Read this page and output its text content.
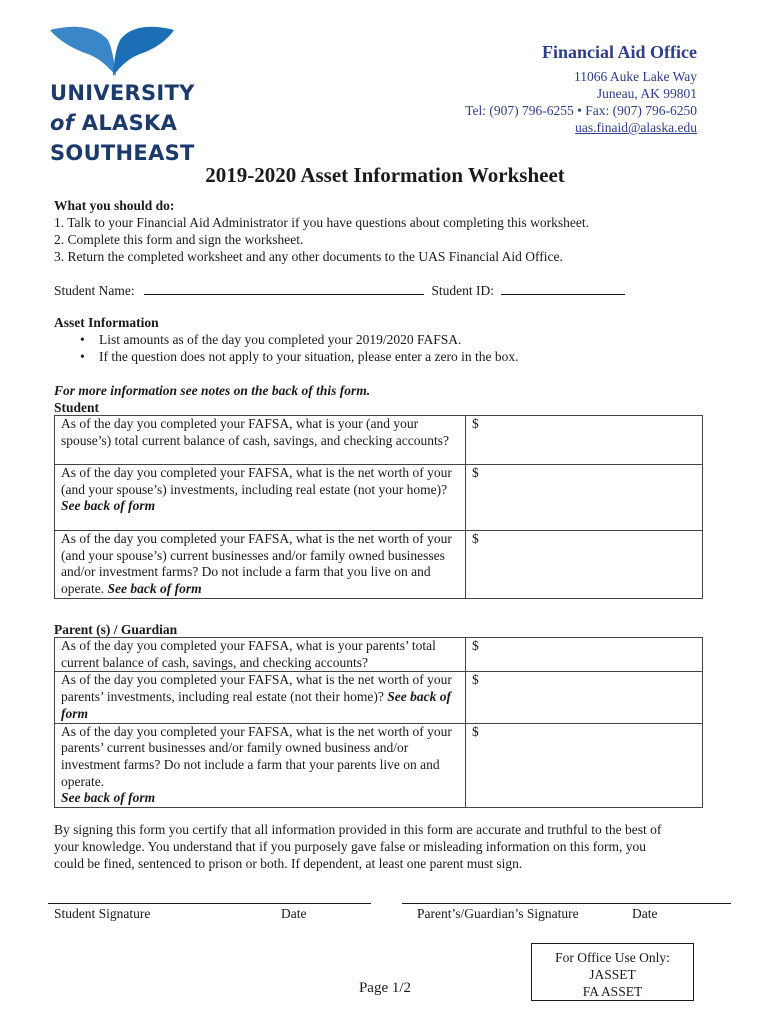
UNIVERSITY
of ALASKA
SOUTHEAST
Financial Aid Office
11066 Auke Lake Way
Juneau, AK 99801
Tel: (907) 796-6255 • Fax: (907) 796-6250
uas.finaid@alaska.edu
2019-2020 Asset Information Worksheet
What you should do:
1. Talk to your Financial Aid Administrator if you have questions about completing this worksheet.
2. Complete this form and sign the worksheet.
3. Return the completed worksheet and any other documents to the UAS Financial Aid Office.
Student Name:	Student ID:
Asset Information
• List amounts as of the day you completed your 2019/2020 FAFSA.
• If the question does not apply to your situation, please enter a zero in the box.
For more information see notes on the back of this form.
Student
As of the day you completed your FAFSA, what is your (and your spouse’s) total current balance of cash, savings, and checking accounts?	$
As of the day you completed your FAFSA, what is the net worth of your (and your spouse’s) investments, including real estate (not your home)?
See back of form	$
As of the day you completed your FAFSA, what is the net worth of your (and your spouse’s) current businesses and/or family owned businesses and/or investment farms? Do not include a farm that you live on and operate. See back of form	$
Parent (s) / Guardian
As of the day you completed your FAFSA, what is your parents’ total current balance of cash, savings, and checking accounts?	$
As of the day you completed your FAFSA, what is the net worth of your parents’ investments, including real estate (not their home)? See back of form	$
As of the day you completed your FAFSA, what is the net worth of your parents’ current businesses and/or family owned business and/or investment farms? Do not include a farm that your parents live on and operate.
See back of form	$
By signing this form you certify that all information provided in this form are accurate and truthful to the best of
your knowledge. You understand that if you purposely gave false or misleading information on this form, you
could be fined, sentenced to prison or both. If dependent, at least one parent must sign.
Student Signature	Date	Parent’s/Guardian’s Signature	Date
For Office Use Only:
JASSET
FA ASSET
Page 1/2
